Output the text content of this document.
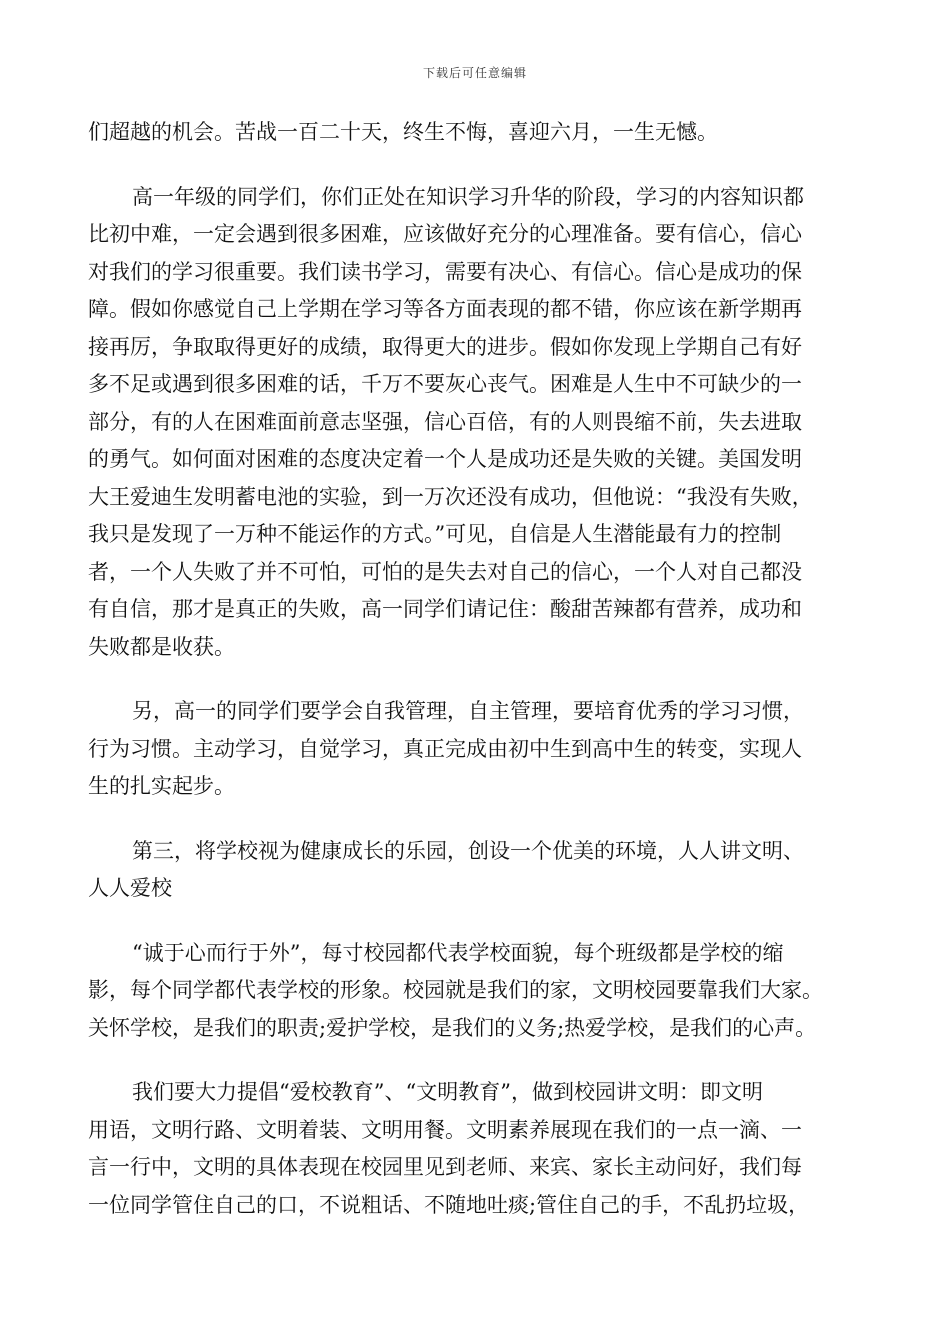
下载后可任意编辑

们超越的机会。苦战一百二十天，终生不悔，喜迎六月，一生无憾。

高一年级的同学们，你们正处在知识学习升华的阶段，学习的内容知识都
比初中难，一定会遇到很多困难，应该做好充分的心理准备。要有信心，信心
对我们的学习很重要。我们读书学习，需要有决心、有信心。信心是成功的保
障。假如你感觉自己上学期在学习等各方面表现的都不错，你应该在新学期再
接再厉，争取取得更好的成绩，取得更大的进步。假如你发现上学期自己有好
多不足或遇到很多困难的话，千万不要灰心丧气。困难是人生中不可缺少的一
部分，有的人在困难面前意志坚强，信心百倍，有的人则畏缩不前，失去进取
的勇气。如何面对困难的态度决定着一个人是成功还是失败的关键。美国发明
大王爱迪生发明蓄电池的实验，到一万次还没有成功，但他说：“我没有失败，
我只是发现了一万种不能运作的方式。”可见，自信是人生潜能最有力的控制
者，一个人失败了并不可怕，可怕的是失去对自己的信心，一个人对自己都没
有自信，那才是真正的失败，高一同学们请记住：酸甜苦辣都有营养，成功和
失败都是收获。

另，高一的同学们要学会自我管理，自主管理，要培育优秀的学习习惯，
行为习惯。主动学习，自觉学习，真正完成由初中生到高中生的转变，实现人
生的扎实起步。

第三，将学校视为健康成长的乐园，创设一个优美的环境，人人讲文明、
人人爱校

“诚于心而行于外”，每寸校园都代表学校面貌，每个班级都是学校的缩
影，每个同学都代表学校的形象。校园就是我们的家，文明校园要靠我们大家。
关怀学校，是我们的职责;爱护学校，是我们的义务;热爱学校，是我们的心声。

我们要大力提倡“爱校教育”、“文明教育”，做到校园讲文明：即文明
用语，文明行路、文明着装、文明用餐。文明素养展现在我们的一点一滴、一
言一行中，文明的具体表现在校园里见到老师、来宾、家长主动问好，我们每
一位同学管住自己的口，不说粗话、不随地吐痰;管住自己的手，不乱扔垃圾，
